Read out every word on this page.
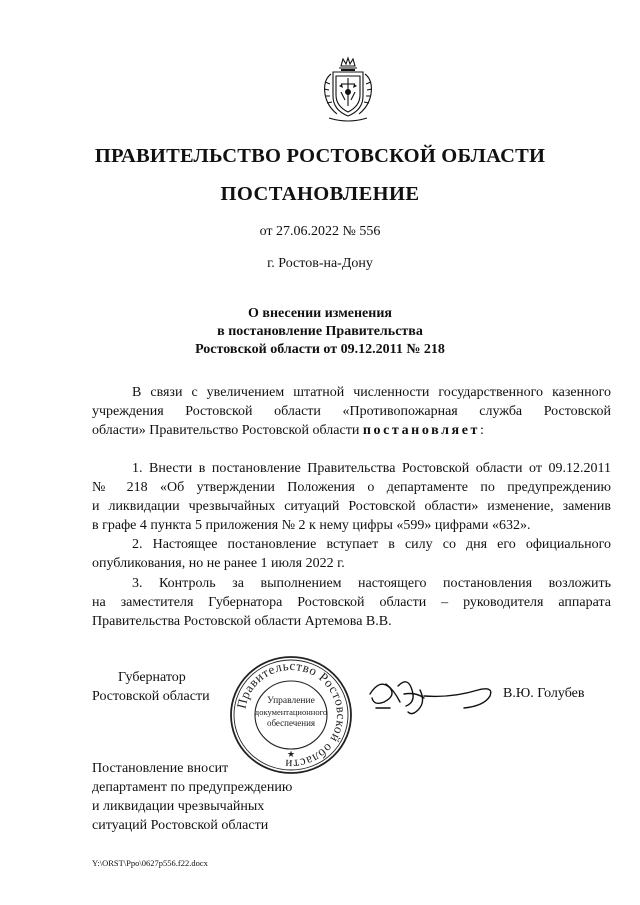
ПРАВИТЕЛЬСТВО РОСТОВСКОЙ ОБЛАСТИ
ПОСТАНОВЛЕНИЕ
от 27.06.2022 № 556
г. Ростов-на-Дону
О внесении изменения
в постановление Правительства
Ростовской области от 09.12.2011 № 218
В связи с увеличением штатной численности государственного казенного
учреждения Ростовской области «Противопожарная служба Ростовской
области» Правительство Ростовской области постановляет:
1. Внести в постановление Правительства Ростовской области от 09.12.2011
№ 218 «Об утверждении Положения о департаменте по предупреждению
и ликвидации чрезвычайных ситуаций Ростовской области» изменение, заменив
в графе 4 пункта 5 приложения № 2 к нему цифры «599» цифрами «632».
2. Настоящее постановление вступает в силу со дня его официального
опубликования, но не ранее 1 июля 2022 г.
3. Контроль за выполнением настоящего постановления возложить
на заместителя Губернатора Ростовской области – руководителя аппарата
Правительства Ростовской области Артемова В.В.
Губернатор
Ростовской области Правительство Ростовской области
Управление
документационного
обеспечения
★
В.Ю. Голубев
Постановление вносит
департамент по предупреждению
и ликвидации чрезвычайных
ситуаций Ростовской области
Y:\ORST\Ppo\0627p556.f22.docx
